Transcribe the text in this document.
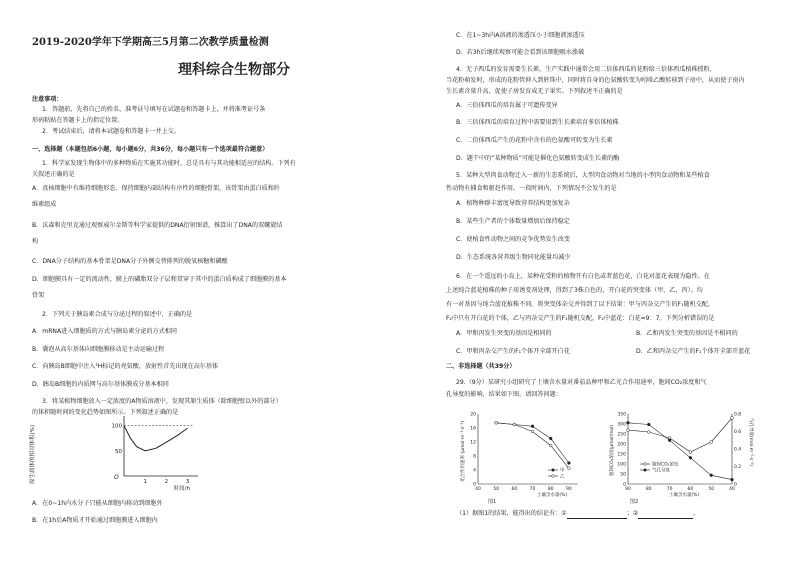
2019-2020学年下学期高三5月第二次教学质量检测
理科综合生物部分
注意事项：
1．答题前，先将自己的姓名、准考证号填写在试题卷和答题卡上，并将准考证号条
形码粘贴在答题卡上的指定位置。
2．考试结束后，请将本试题卷和答题卡一并上交。
一、选择题（本题包括6小题，每小题6分，共36分，每小题只有一个选项最符合题意）
1．科学家发现生物体中的多种物质在实施其功能时，总是具有与其功能相适应的结构。下列有
关叙述正确的是
A．真核细胞中有维持细胞形态、保持细胞内部结构有序性的细胞骨架，该骨架由蛋白质和纤
维素组成
B．沃森和克里克通过观察威尔金斯等科学家提供的DNA衍射图谱，推算出了DNA的双螺旋结
构
C．DNA分子结构的基本骨架是DNA分子外侧交替排列的脱氧核糖和磷酸
D．细胞膜具有一定的流动性，膜上的磷脂双分子层和贯穿于其中的蛋白质构成了细胞膜的基本
骨架
2．下列关于胰岛素合成与分泌过程的叙述中，正确的是
A．mRNA进入细胞质的方式与胰岛素分泌的方式相同
B．囊泡从高尔基体向细胞膜移动是主动运输过程
C．向胰岛B细胞中注入³H标记的亮氨酸，放射性首先出现在高尔基体
D．胰岛B细胞的内质网与高尔基体膜成分基本相同
3．将某植物细胞放入一定浓度的A物质溶液中，发现其原生质体（除细胞壁以外的部分）
的体积随时间的变化趋势如图所示。下列叙述正确的是
A．在0~1h内水分子只能从细胞内移动到细胞外
B．在1h后A物质才开始通过细胞膜进入细胞内
100
50
1	2	3
原生质体的相对体积(%)
时间/h
O
C．在1~3h内A溶液的渗透压小于细胞液渗透压
D．若3h后继续观察可能会看到该细胞吸水涨破
4．无子西瓜的发育需要生长素，生产实践中通常会用二倍体西瓜的花粉给三倍体西瓜植株授粉，
当花粉萌发时，形成的花粉管伸入到胚珠中，同时将自身的色氨酸转变为吲哚乙酸转移到子房中，从而使子房内
生长素含量升高，促使子房发育成无子果实。下列叙述不正确的是
A．三倍体西瓜的培育属于可遗传变异
B．三倍体西瓜的培育过程中需要用到生长素培育多倍体植株
C．二倍体西瓜产生的花粉中含有的色氨酸可转变为生长素
D．题干中的“某种物质”可能是催化色氨酸转变成生长素的酶
5．某种大型肉食动物迁入一新的生态系统后，大型肉食动物对当地的小型肉食动物和某些植食
性动物有捕食和驱赶作用。一段时间内，下列情况不会发生的是
A．植物种群丰富度导致营养结构更加复杂
B．某些生产者的个体数量增加后保持稳定
C．使植食性动物之间的竞争优势发生改变
D．生态系统各营养级生物同化能量均减少
6．在一个遥远的小岛上，某种花受粉的植物开有白色或者蓝色花，白花对蓝花表现为隐性。在
上述纯合蓝花植株的种子用诱变剂处理，得到了3株白色的、开白花的突变体（甲、乙、丙）。均
有一对基因与纯合蓝花植株不同。将突变体杂交并得到了以下结果：甲与丙杂交产生的F₁随机交配，
F₂中只有开白花的个体，乙与丙杂交产生的F₁随机交配，F₂中蓝花：白花=9：7。下列分析错误的是
A．甲和丙发生突变的基因是相同的	B．乙和丙发生突变的基因是不相同的
C．甲和丙杂交产生的F₁个体开全部开白花	D．乙和丙杂交产生的F₁个体开全部开蓝花
二、非选择题（共39分）
29.（9分）某研究小组研究了土壤含水量对番茄品种甲和乙光合作用速率，胞间CO₂浓度和气
孔导度的影响，结果如下图。请回答问题：
（1）据图1的结果，能得出的结论有：①	；②	。
0
4
8
12
16
20
40	50	60	70	80	90
光合作用速率 (μmol·m⁻²·s⁻¹)
土壤含水量(%)
图1
甲
乙
0
50
100
150
200
250
300
350
0
0.2
0.4
0.6
0.8
90	80	70	60	50	40
胞间CO₂浓度(μmol/mol)	气孔导度(mol·m⁻²·s⁻¹)
土壤含水量(%)
图2
胞间CO₂浓度
气孔导度
